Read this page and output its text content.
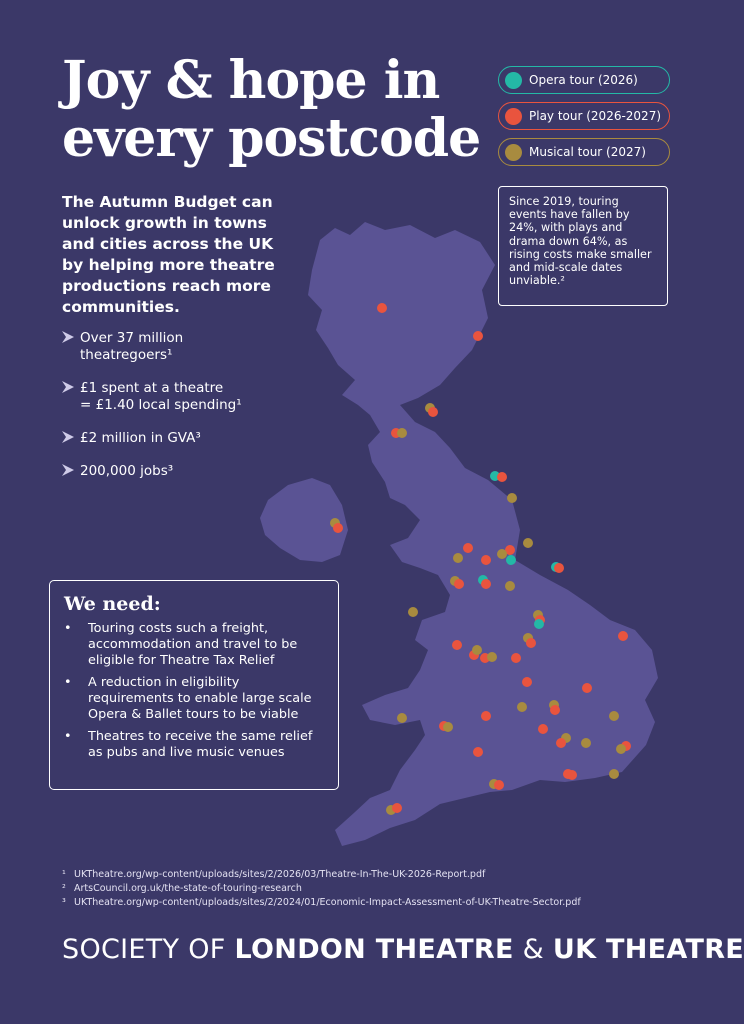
Joy & hope in
every postcode

The Autumn Budget can unlock growth in towns and cities across the UK by helping more theatre productions reach more communities.

Over 37 million
theatregoers¹
£1 spent at a theatre
= £1.40 local spending¹
£2 million in GVA³
200,000 jobs³
Opera tour (2026)
Play tour (2026-2027)
Musical tour (2027)
Since 2019, touring events have fallen by 24%, with plays and drama down 64%, as rising costs make smaller and mid-scale dates unviable.²
We need:
• Touring costs such a freight, accommodation and travel to be eligible for Theatre Tax Relief
• A reduction in eligibility requirements to enable large scale Opera & Ballet tours to be viable
• Theatres to receive the same relief as pubs and live music venues
¹ UKTheatre.org/wp-content/uploads/sites/2/2026/03/Theatre-In-The-UK-2026-Report.pdf
² ArtsCouncil.org.uk/the-state-of-touring-research
³ UKTheatre.org/wp-content/uploads/sites/2/2024/01/Economic-Impact-Assessment-of-UK-Theatre-Sector.pdf
SOCIETY OF LONDON THEATRE & UK THEATRE
